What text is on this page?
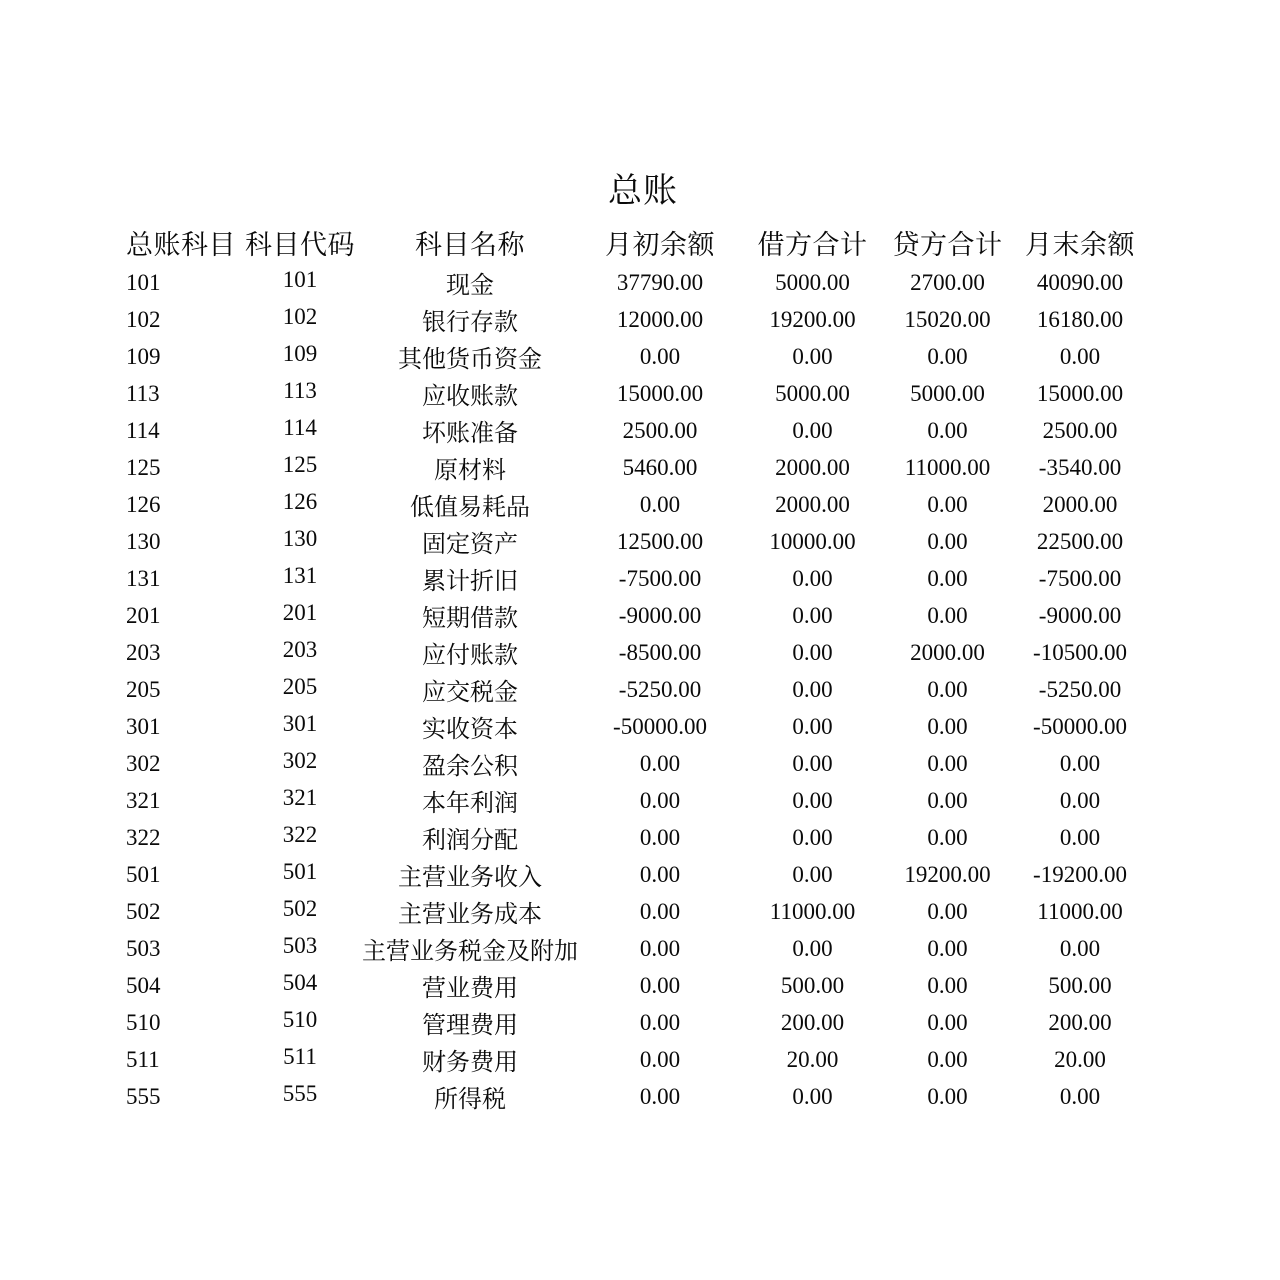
总账
总账科目	科目代码	科目名称	月初余额	借方合计	贷方合计	月末余额
101	101	现金	37790.00	5000.00	2700.00	40090.00
102	102	银行存款	12000.00	19200.00	15020.00	16180.00
109	109	其他货币资金	0.00	0.00	0.00	0.00
113	113	应收账款	15000.00	5000.00	5000.00	15000.00
114	114	坏账准备	2500.00	0.00	0.00	2500.00
125	125	原材料	5460.00	2000.00	11000.00	-3540.00
126	126	低值易耗品	0.00	2000.00	0.00	2000.00
130	130	固定资产	12500.00	10000.00	0.00	22500.00
131	131	累计折旧	-7500.00	0.00	0.00	-7500.00
201	201	短期借款	-9000.00	0.00	0.00	-9000.00
203	203	应付账款	-8500.00	0.00	2000.00	-10500.00
205	205	应交税金	-5250.00	0.00	0.00	-5250.00
301	301	实收资本	-50000.00	0.00	0.00	-50000.00
302	302	盈余公积	0.00	0.00	0.00	0.00
321	321	本年利润	0.00	0.00	0.00	0.00
322	322	利润分配	0.00	0.00	0.00	0.00
501	501	主营业务收入	0.00	0.00	19200.00	-19200.00
502	502	主营业务成本	0.00	11000.00	0.00	11000.00
503	503	主营业务税金及附加	0.00	0.00	0.00	0.00
504	504	营业费用	0.00	500.00	0.00	500.00
510	510	管理费用	0.00	200.00	0.00	200.00
511	511	财务费用	0.00	20.00	0.00	20.00
555	555	所得税	0.00	0.00	0.00	0.00
